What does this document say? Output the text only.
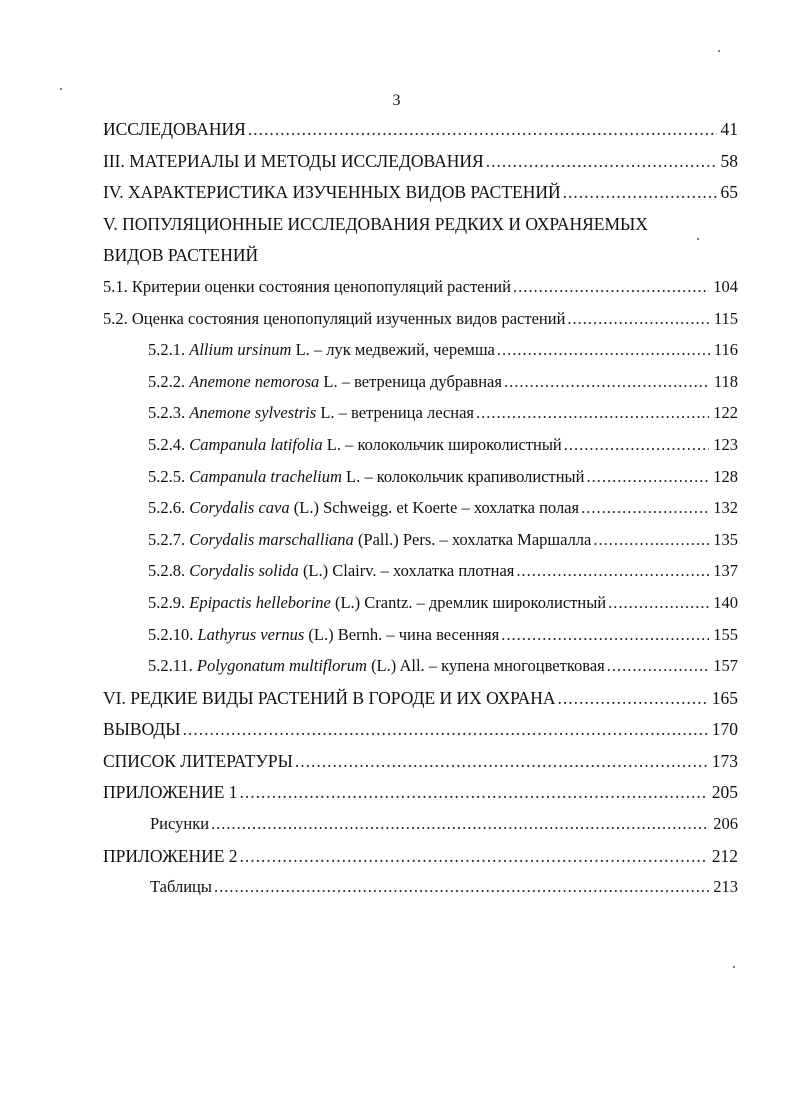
3
ИССЛЕДОВАНИЯ .....	41
III. МАТЕРИАЛЫ И МЕТОДЫ ИССЛЕДОВАНИЯ .....	58
IV. ХАРАКТЕРИСТИКА ИЗУЧЕННЫХ ВИДОВ РАСТЕНИЙ .....	65
V. ПОПУЛЯЦИОННЫЕ ИССЛЕДОВАНИЯ РЕДКИХ И ОХРАНЯЕМЫХ
ВИДОВ РАСТЕНИЙ
5.1. Критерии оценки состояния ценопопуляций растений .....	104
5.2. Оценка состояния ценопопуляций изученных видов растений .....	115
5.2.1. Allium ursinum L. – лук медвежий, черемша .....	116
5.2.2. Anemone nemorosa L. – ветреница дубравная .....	118
5.2.3. Anemone sylvestris L. – ветреница лесная .....	122
5.2.4. Campanula latifolia L. – колокольчик широколистный .....	123
5.2.5. Campanula trachelium L. – колокольчик крапиволистный .....	128
5.2.6. Corydalis cava (L.) Schweigg. et Koerte – хохлатка полая .....	132
5.2.7. Corydalis marschalliana (Pall.) Pers. – хохлатка Маршалла .....	135
5.2.8. Corydalis solida (L.) Clairv. – хохлатка плотная .....	137
5.2.9. Epipactis helleborine (L.) Crantz. – дремлик широколистный .....	140
5.2.10. Lathyrus vernus (L.) Bernh. – чина весенняя .....	155
5.2.11. Polygonatum multiflorum (L.) All. – купена многоцветковая .....	157
VI. РЕДКИЕ ВИДЫ РАСТЕНИЙ В ГОРОДЕ И ИХ ОХРАНА .....	165
ВЫВОДЫ .....	170
СПИСОК ЛИТЕРАТУРЫ .....	173
ПРИЛОЖЕНИЕ 1 .....	205
Рисунки .....	206
ПРИЛОЖЕНИЕ 2 .....	212
Таблицы .....	213
